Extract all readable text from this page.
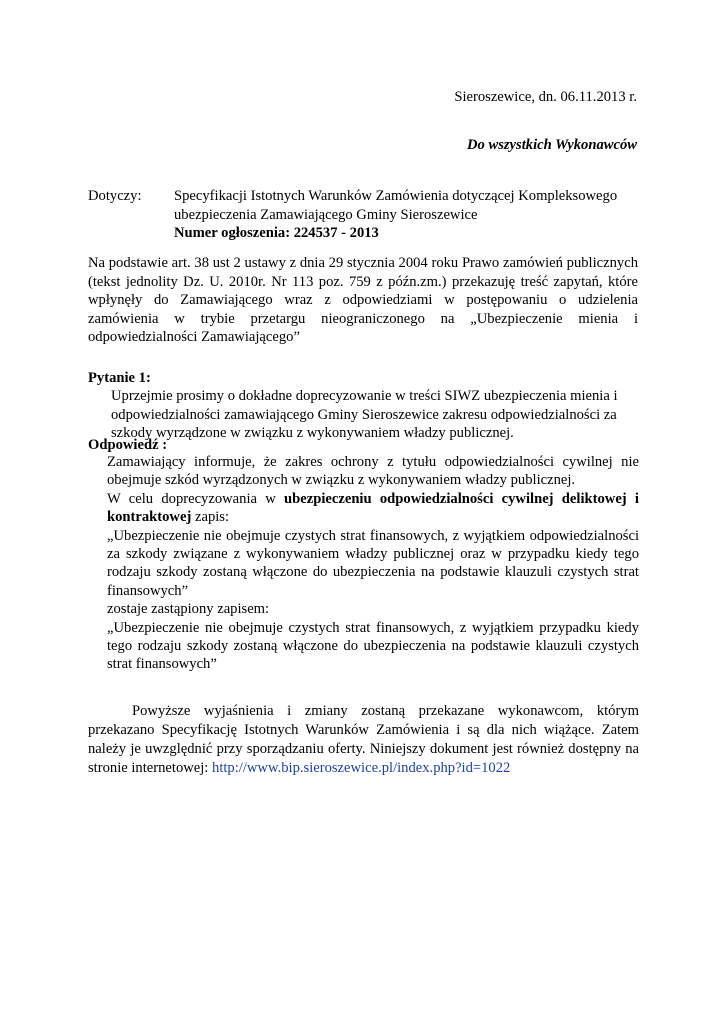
Sieroszewice, dn. 06.11.2013 r.
Do wszystkich Wykonawców
Dotyczy: Specyfikacji Istotnych Warunków Zamówienia dotyczącej Kompleksowego ubezpieczenia Zamawiającego Gminy Sieroszewice
Numer ogłoszenia: 224537 - 2013
Na podstawie art. 38 ust 2 ustawy z dnia 29 stycznia 2004 roku Prawo zamówień publicznych (tekst jednolity Dz. U. 2010r. Nr 113 poz. 759 z późn.zm.) przekazuję treść zapytań, które wpłynęły do Zamawiającego wraz z odpowiedziami w postępowaniu o udzielenia zamówienia w trybie przetargu nieograniczonego na „Ubezpieczenie mienia i odpowiedzialności Zamawiającego”
Pytanie 1:
Uprzejmie prosimy o dokładne doprecyzowanie w treści SIWZ ubezpieczenia mienia i odpowiedzialności zamawiającego Gminy Sieroszewice zakresu odpowiedzialności za szkody wyrządzone w związku z wykonywaniem władzy publicznej.
Odpowiedź :

Zamawiający informuje, że zakres ochrony z tytułu odpowiedzialności cywilnej nie obejmuje szkód wyrządzonych w związku z wykonywaniem władzy publicznej.

W celu doprecyzowania w ubezpieczeniu odpowiedzialności cywilnej deliktowej i kontraktowej zapis:

„Ubezpieczenie nie obejmuje czystych strat finansowych, z wyjątkiem odpowiedzialności za szkody związane z wykonywaniem władzy publicznej oraz w przypadku kiedy tego rodzaju szkody zostaną włączone do ubezpieczenia na podstawie klauzuli czystych strat finansowych”

zostaje zastąpiony zapisem:

„Ubezpieczenie nie obejmuje czystych strat finansowych, z wyjątkiem przypadku kiedy tego rodzaju szkody zostaną włączone do ubezpieczenia na podstawie klauzuli czystych strat finansowych”

Powyższe wyjaśnienia i zmiany zostaną przekazane wykonawcom, którym przekazano Specyfikację Istotnych Warunków Zamówienia i są dla nich wiążące. Zatem należy je uwzględnić przy sporządzaniu oferty. Niniejszy dokument jest również dostępny na stronie internetowej: http://www.bip.sieroszewice.pl/index.php?id=1022
